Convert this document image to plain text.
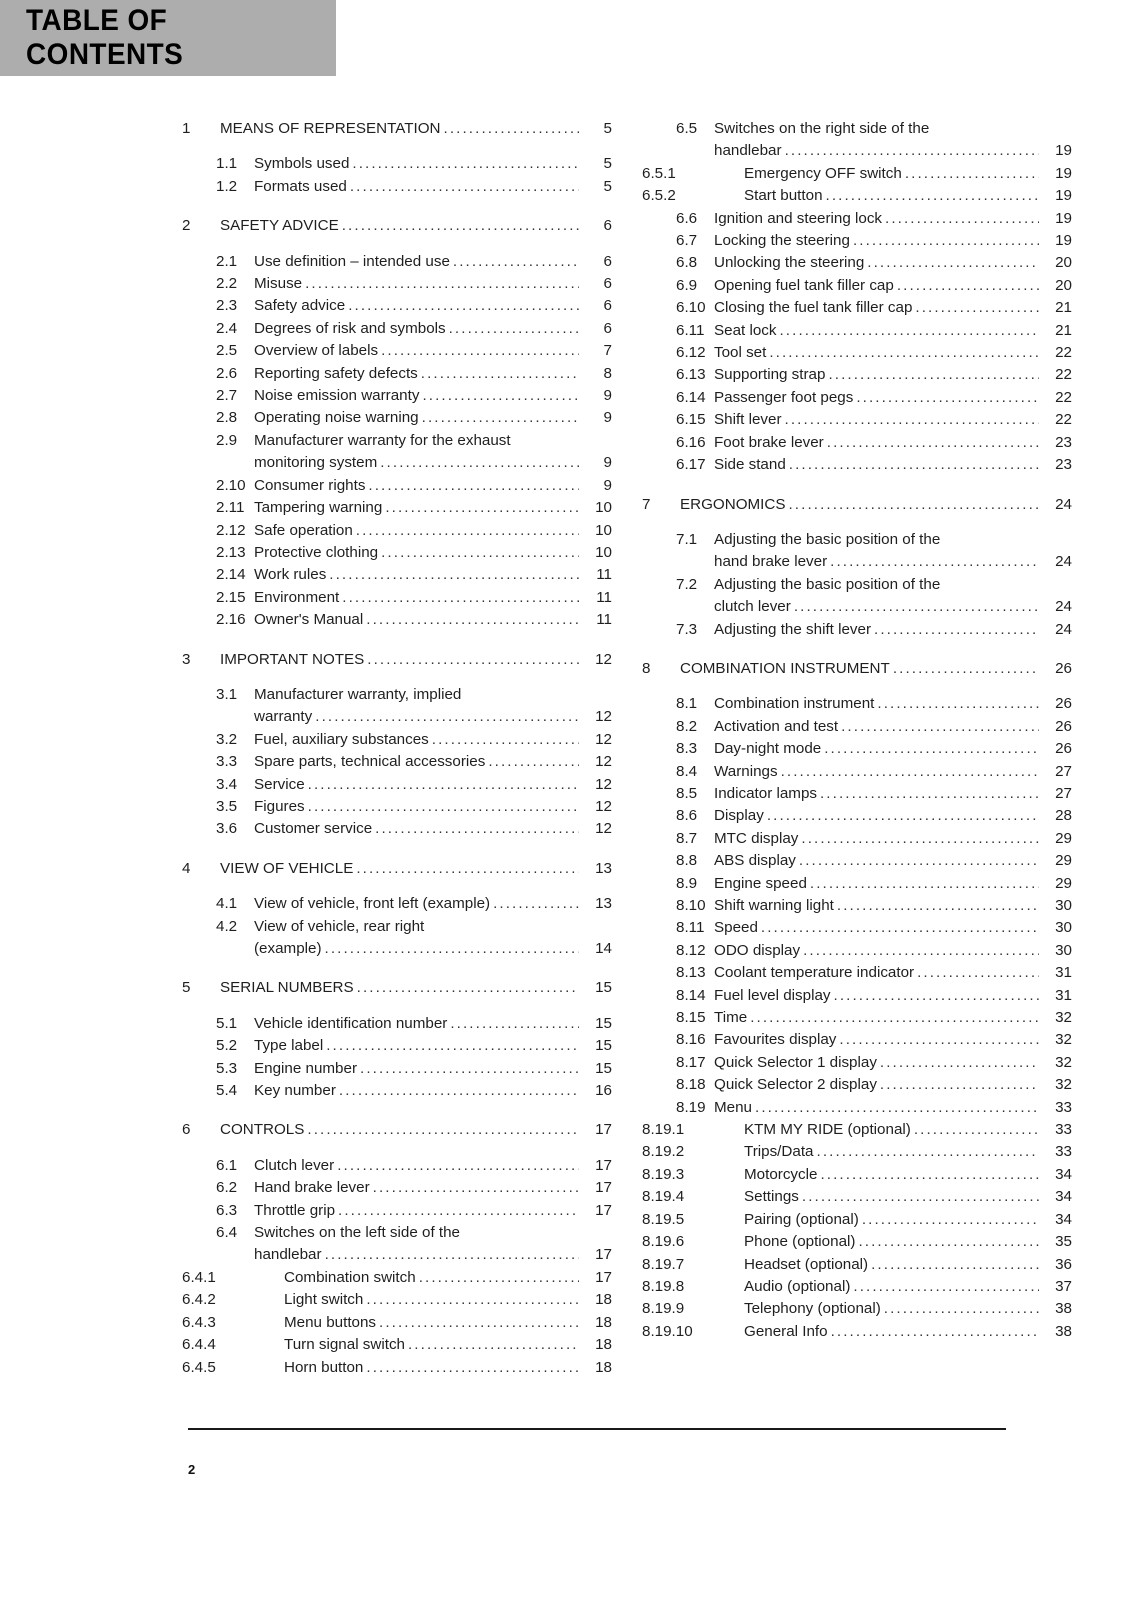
TABLE OF CONTENTS
1	MEANS OF REPRESENTATION .....	5
1.1	Symbols used .....	5
1.2	Formats used .....	5
2	SAFETY ADVICE .....	6
2.1	Use definition – intended use .....	6
2.2	Misuse .....	6
2.3	Safety advice .....	6
2.4	Degrees of risk and symbols .....	6
2.5	Overview of labels .....	7
2.6	Reporting safety defects .....	8
2.7	Noise emission warranty .....	9
2.8	Operating noise warning .....	9
2.9	Manufacturer warranty for the exhaust
monitoring system .....	9
2.10 Consumer rights .....	9
2.11 Tampering warning .....	10
2.12 Safe operation .....	10
2.13 Protective clothing .....	10
2.14 Work rules .....	11
2.15 Environment .....	11
2.16 Owner's Manual .....	11
3	IMPORTANT NOTES .....	12
3.1	Manufacturer warranty, implied
warranty .....	12
3.2	Fuel, auxiliary substances .....	12
3.3	Spare parts, technical accessories .....	12
3.4	Service .....	12
3.5	Figures .....	12
3.6	Customer service .....	12
4	VIEW OF VEHICLE .....	13
4.1	View of vehicle, front left (example) .....	13
4.2	View of vehicle, rear right
(example) .....	14
5	SERIAL NUMBERS .....	15
5.1	Vehicle identification number .....	15
5.2	Type label .....	15
5.3	Engine number .....	15
5.4	Key number .....	16
6	CONTROLS .....	17
6.1	Clutch lever .....	17
6.2	Hand brake lever .....	17
6.3	Throttle grip .....	17
6.4	Switches on the left side of the
handlebar .....	17
6.4.1	Combination switch .....	17
6.4.2	Light switch .....	18
6.4.3	Menu buttons .....	18
6.4.4	Turn signal switch .....	18
6.4.5	Horn button .....	18
6.5	Switches on the right side of the
handlebar .....	19
6.5.1	Emergency OFF switch .....	19
6.5.2	Start button .....	19
6.6	Ignition and steering lock .....	19
6.7	Locking the steering .....	19
6.8	Unlocking the steering .....	20
6.9	Opening fuel tank filler cap .....	20
6.10 Closing the fuel tank filler cap .....	21
6.11 Seat lock .....	21
6.12 Tool set .....	22
6.13 Supporting strap .....	22
6.14 Passenger foot pegs .....	22
6.15 Shift lever .....	22
6.16 Foot brake lever .....	23
6.17 Side stand .....	23
7	ERGONOMICS .....	24
7.1	Adjusting the basic position of the
hand brake lever .....	24
7.2	Adjusting the basic position of the
clutch lever .....	24
7.3	Adjusting the shift lever .....	24
8	COMBINATION INSTRUMENT .....	26
8.1	Combination instrument .....	26
8.2	Activation and test .....	26
8.3	Day-night mode .....	26
8.4	Warnings .....	27
8.5	Indicator lamps .....	27
8.6	Display .....	28
8.7	MTC display .....	29
8.8	ABS display .....	29
8.9	Engine speed .....	29
8.10 Shift warning light .....	30
8.11 Speed .....	30
8.12 ODO display .....	30
8.13 Coolant temperature indicator .....	31
8.14 Fuel level display .....	31
8.15 Time .....	32
8.16 Favourites display .....	32
8.17 Quick Selector 1 display .....	32
8.18 Quick Selector 2 display .....	32
8.19 Menu .....	33
8.19.1	KTM MY RIDE (optional) .....	33
8.19.2	Trips/Data .....	33
8.19.3	Motorcycle .....	34
8.19.4	Settings .....	34
8.19.5	Pairing (optional) .....	34
8.19.6	Phone (optional) .....	35
8.19.7	Headset (optional) .....	36
8.19.8	Audio (optional) .....	37
8.19.9	Telephony (optional) .....	38
8.19.10	General Info .....	38
2
